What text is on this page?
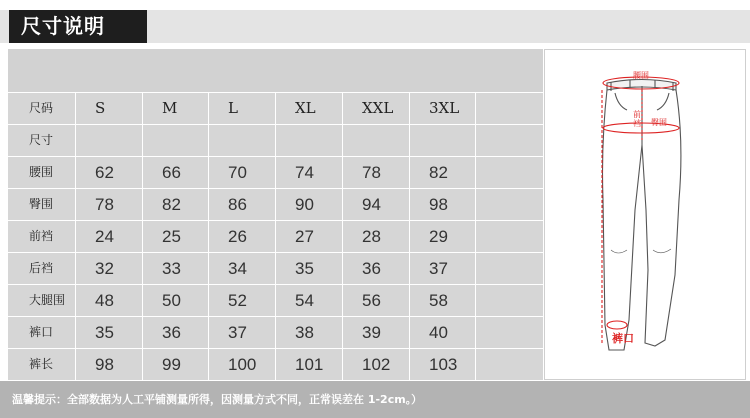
尺寸说明
尺码	S	M	L	XL	XXL	3XL
尺寸
腰围	62	66	70	74	78	82
臀围	78	82	86	90	94	98
前裆	24	25	26	27	28	29
后裆	32	33	34	35	36	37
大腿围	48	50	52	54	56	58
裤口	35	36	37	38	39	40
裤长	98	99	100	101	102	103
腰围
前裆 臀围
裤口
温馨提示：全部数据为人工平铺测量所得，因测量方式不同，正常误差在 1-2cm。）
